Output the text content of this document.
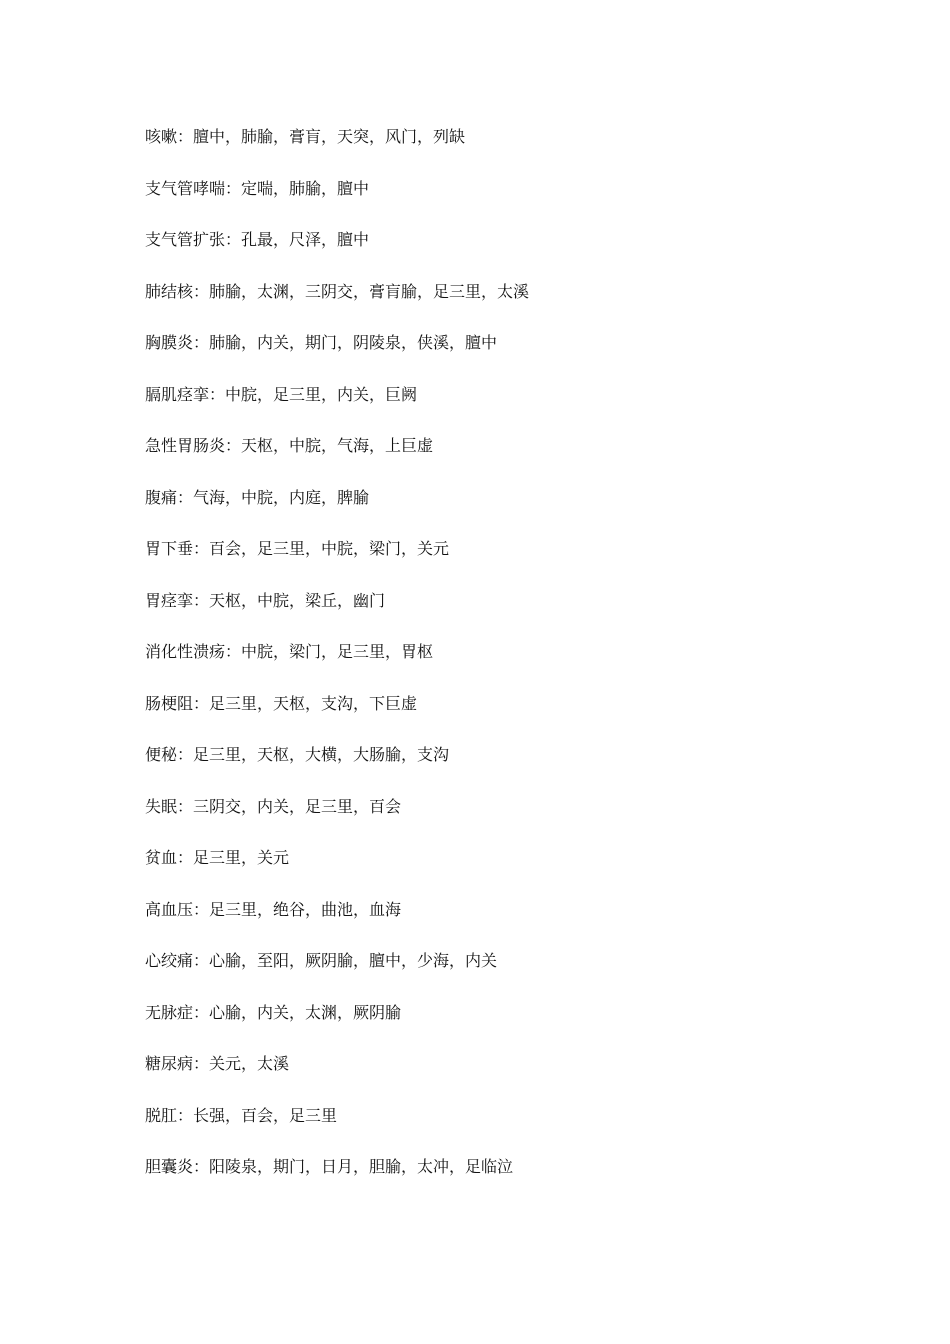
咳嗽：膻中，肺腧，膏肓，天突，风门，列缺
支气管哮喘：定喘，肺腧，膻中
支气管扩张：孔最，尺泽，膻中
肺结核：肺腧，太渊，三阴交，膏肓腧，足三里，太溪
胸膜炎：肺腧，内关，期门，阴陵泉，侠溪，膻中
膈肌痉挛：中脘，足三里，内关，巨阙
急性胃肠炎：天枢，中脘，气海，上巨虚
腹痛：气海，中脘，内庭，脾腧
胃下垂：百会，足三里，中脘，梁门，关元
胃痉挛：天枢，中脘，梁丘，幽门
消化性溃疡：中脘，梁门，足三里，胃枢
肠梗阻：足三里，天枢，支沟，下巨虚
便秘：足三里，天枢，大横，大肠腧，支沟
失眠：三阴交，内关，足三里，百会
贫血：足三里，关元
高血压：足三里，绝谷，曲池，血海
心绞痛：心腧，至阳，厥阴腧，膻中，少海，内关
无脉症：心腧，内关，太渊，厥阴腧
糖尿病：关元，太溪
脱肛：长强，百会，足三里
胆囊炎：阳陵泉，期门，日月，胆腧，太冲，足临泣
